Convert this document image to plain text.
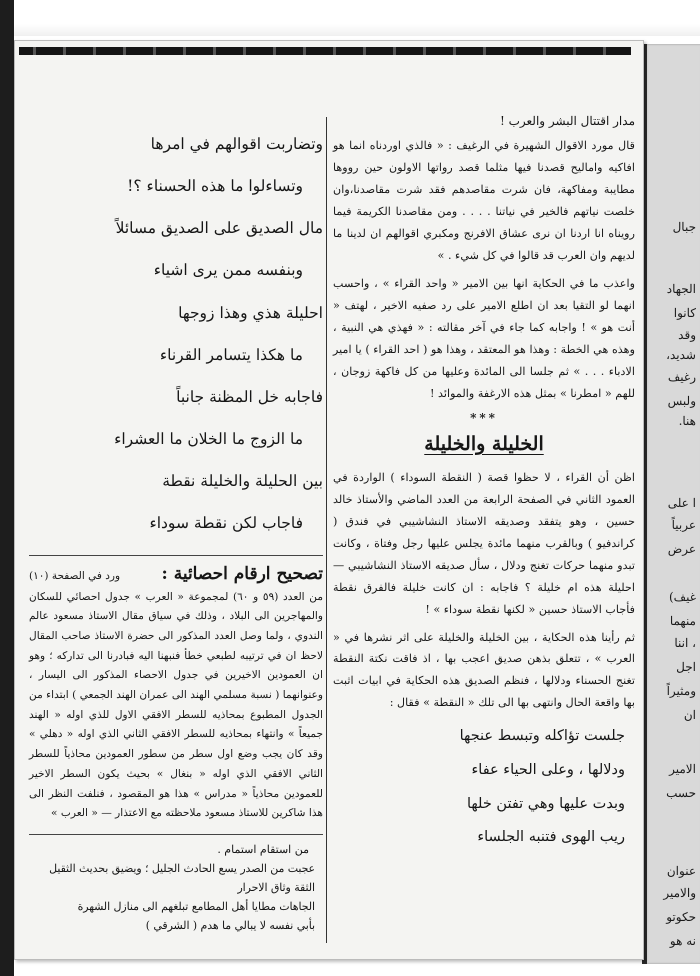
جبال
الجهاد
كانوا
وقد
شديد،
رغيف
ولبس
هنا.
ا على
عربياً
عرض
غيف)
منهما
، اننا
اجل
ومثيراً
ان
الامير
حسب
عنوان
والامير
حكوتو
نه هو

مدار اقتتال البشر والعرب !

قال مورد الاقوال الشهيرة في الرغيف : « فالذي اوردناه انما هو افاكيه واماليح قصدنا فيها مثلما قصد رواتها الاولون حين رووها مطايبة ومفاكهة، فان شرت مقاصدهم فقد شرت مقاصدنا،وان خلصت نياتهم فالخير في نياتنا . . . . ومن مقاصدنا الكريمة فيما رويناه انا اردنا ان نرى عشاق الافرنج ومكبري اقوالهم ان لدينا ما لديهم وان العرب قد قالوا في كل شيء . »

واعذب ما في الحكاية انها بين الامير « واحد القراء » ، واحسب انهما لو التقيا بعد ان اطلع الامير على رد صفيه الاخير ، لهتف « أنت هو » ! واجابه كما جاء في آخر مقالته : « فهذي هي النبية ، وهذه هي الخطة : وهذا هو المعتقد ، وهذا هو ( احد القراء ) يا امير الادباء . . . » ثم جلسا الى المائدة وعليها من كل فاكهة زوجان ، للهم « امطرنا » بمثل هذه الارغفة والموائد !

***
الخليلة والخليلة

اظن أن القراء ، لا حظوا قصة ( النقطة السوداء ) الواردة في العمود الثاني في الصفحة الرابعة من العدد الماضي والأستاذ خالد حسين ، وهو يتفقد وصديقه الاستاذ النشاشيبي في فندق ( كراندفيو ) وبالقرب منهما مائدة يجلس عليها رجل وفتاة ، وكانت تبدو منهما حركات تغنج ودلال ، سأل صديقه الاستاذ النشاشيبي — احليلة هذه ام خليلة ؟ فاجابه : ان كانت خليلة فالفرق نقطة فأجاب الاستاذ حسين « لكنها نقطة سوداء » !

ثم رأينا هذه الحكاية ، بين الخليلة والخليلة على اثر نشرها في « العرب » ، تتعلق بذهن صديق اعجب بها ، اذ فاقت نكتة النقطة تغنج الحسناء ودلالها ، فنظم الصديق هذه الحكاية في ابيات اثبت بها واقعة الحال وانتهى بها الى تلك « النقطة » فقال :

جلست تؤاكله وتبسط عنجها

ودلالها ، وعلى الحياء عفاء

وبدت عليها وهي تفتن خلها

ريب الهوى فتنبه الجلساء

وتضاربت اقوالهم في امرها

وتساءلوا ما هذه الحسناء ؟!

مال الصديق على الصديق مسائلاً

وبنفسه ممن يرى اشياء

احليلة هذي وهذا زوجها

ما هكذا يتسامر القرناء

فاجابه خل المظنة جانباً

ما الزوج ما الخلان ما العشراء

بين الحليلة والخليلة نقطة

فاجاب لكن نقطة سوداء

تصحيح ارقام احصائية :
ورد في الصفحة (١٠)

من العدد (٥٩ و ٦٠) لمجموعة « العرب » جدول احصائي للسكان والمهاجرين الى البلاد ، وذلك في سياق مقال الاستاذ مسعود عالم الندوي ، ولما وصل العدد المذكور الى حضرة الاستاذ صاحب المقال لاحظ ان في ترتيبه لطبعي خطأ فنبهنا اليه فبادرنا الى تداركه ؛ وهو ان العمودين الاخيرين في جدول الاحصاء المذكور الى اليسار ، وعنوانهما ( نسبة مسلمي الهند الى عمران الهند الجمعي ) ابتداء من الجدول المطبوع بمحاذيه للسطر الافقي الاول للذي اوله « الهند جميعاً » وانتهاء بمحاذيه للسطر الافقي الثاني الذي اوله « دهلي » وقد كان يجب وضع اول سطر من سطور العمودين محاذياً للسطر الثاني الافقي الذي اوله « بنغال » بحيث يكون السطر الاخير للعمودين محاذياً « مدراس » هذا هو المقصود ، فنلفت النظر الى هذا شاكرين للاستاذ مسعود ملاحظته مع الاعتذار — « العرب »

من استقام استمام .

عجبت من الصدر يسع الحادث الجليل ؛ ويضيق بحديث الثقيل

الثقة وثاق الاحرار

الجاهات مطايا أهل المطامع تبلغهم الى منازل الشهرة

بأبي نفسه لا يبالي ما هدم ( الشرقي )
